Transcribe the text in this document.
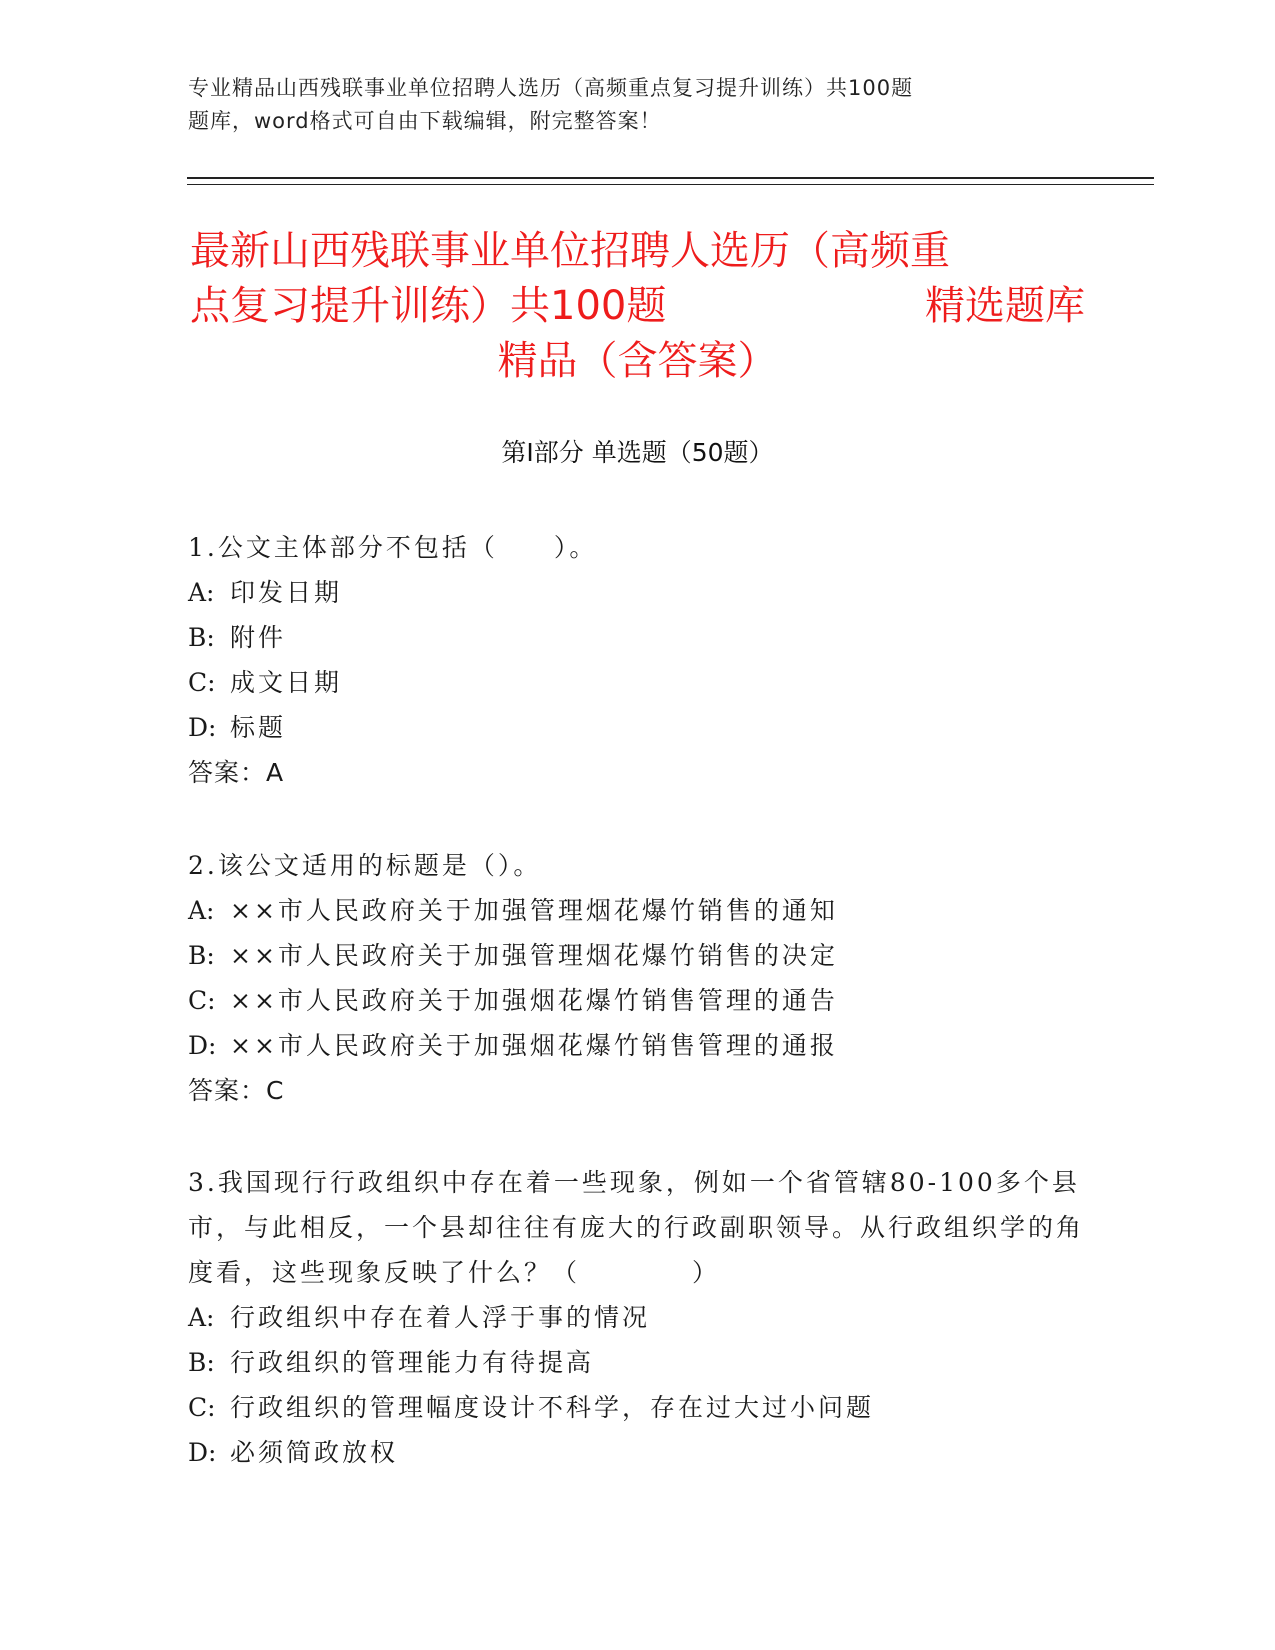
专业精品山西残联事业单位招聘人选历（高频重点复习提升训练）共100题
题库，word格式可自由下载编辑，附完整答案！
最新山西残联事业单位招聘人选历（高频重
点复习提升训练）共100题	精选题库
精品（含答案）
第Ⅰ部分 单选题（50题）
1.公文主体部分不包括（　　）。
A: 印发日期
B: 附件
C: 成文日期
D: 标题
答案：A
2.该公文适用的标题是（）。
A: ××市人民政府关于加强管理烟花爆竹销售的通知
B: ××市人民政府关于加强管理烟花爆竹销售的决定
C: ××市人民政府关于加强烟花爆竹销售管理的通告
D: ××市人民政府关于加强烟花爆竹销售管理的通报
答案：C
3.我国现行行政组织中存在着一些现象，例如一个省管辖80-100多个县市，与此相反，一个县却往往有庞大的行政副职领导。从行政组织学的角度看，这些现象反映了什么？（　　　　）
A: 行政组织中存在着人浮于事的情况
B: 行政组织的管理能力有待提高
C: 行政组织的管理幅度设计不科学，存在过大过小问题
D: 必须简政放权
